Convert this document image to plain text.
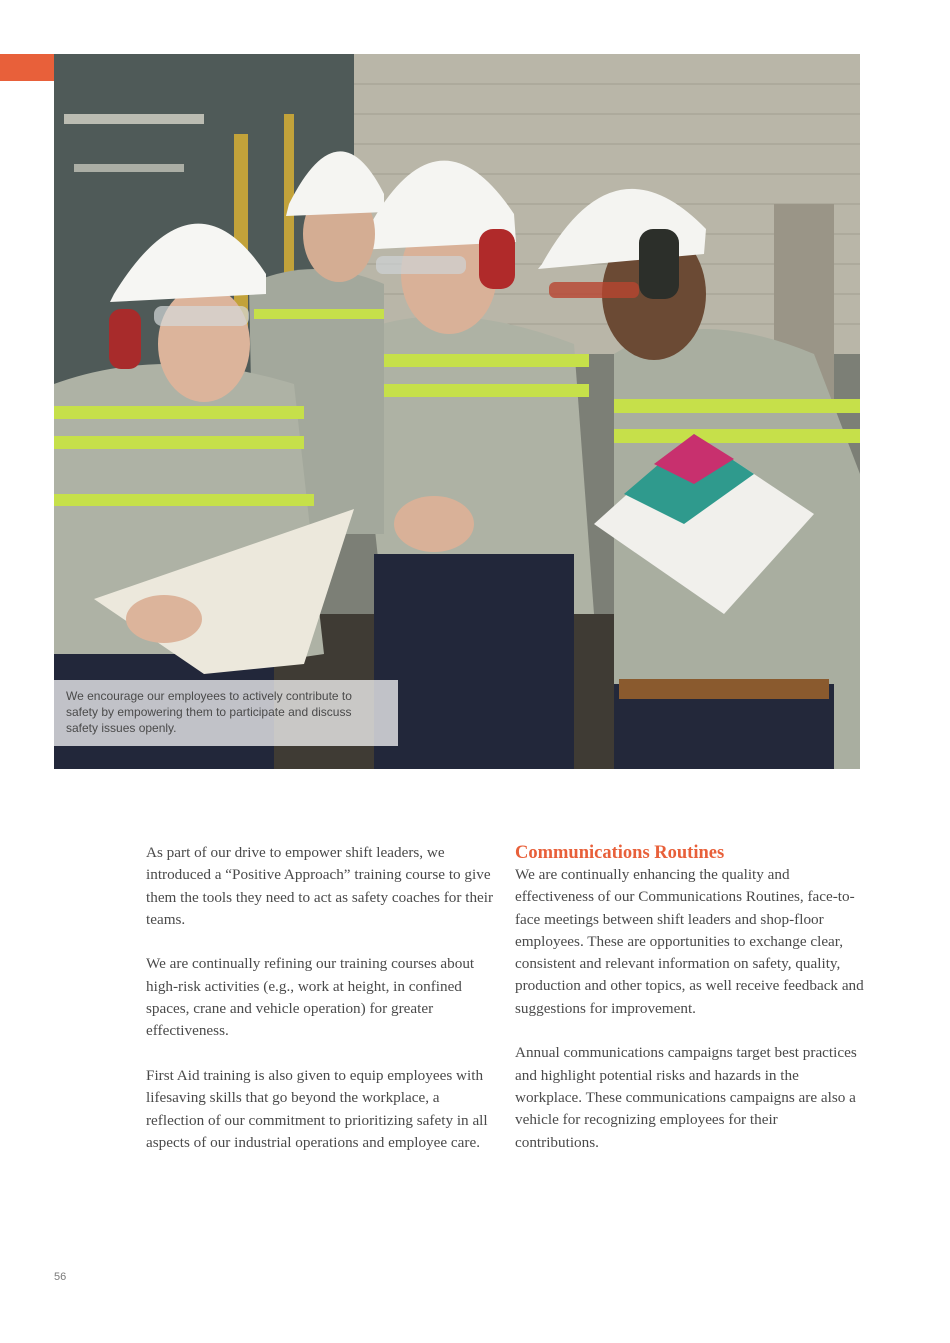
We encourage our employees to actively contribute to safety by empowering them to participate and discuss safety issues openly.

As part of our drive to empower shift leaders, we introduced a “Positive Approach” training course to give them the tools they need to act as safety coaches for their teams.

We are continually refining our training courses about high-risk activities (e.g., work at height, in confined spaces, crane and vehicle operation) for greater effectiveness.

First Aid training is also given to equip employees with lifesaving skills that go beyond the workplace, a reflection of our commitment to prioritizing safety in all aspects of our industrial operations and employee care.

Communications Routines

We are continually enhancing the quality and effectiveness of our Communications Routines, face-to-face meetings between shift leaders and shop-floor employees. These are opportunities to exchange clear, consistent and relevant information on safety, quality, production and other topics, as well receive feedback and suggestions for improvement.

Annual communications campaigns target best practices and highlight potential risks and hazards in the workplace. These communications campaigns are also a vehicle for recognizing employees for their contributions.

56
